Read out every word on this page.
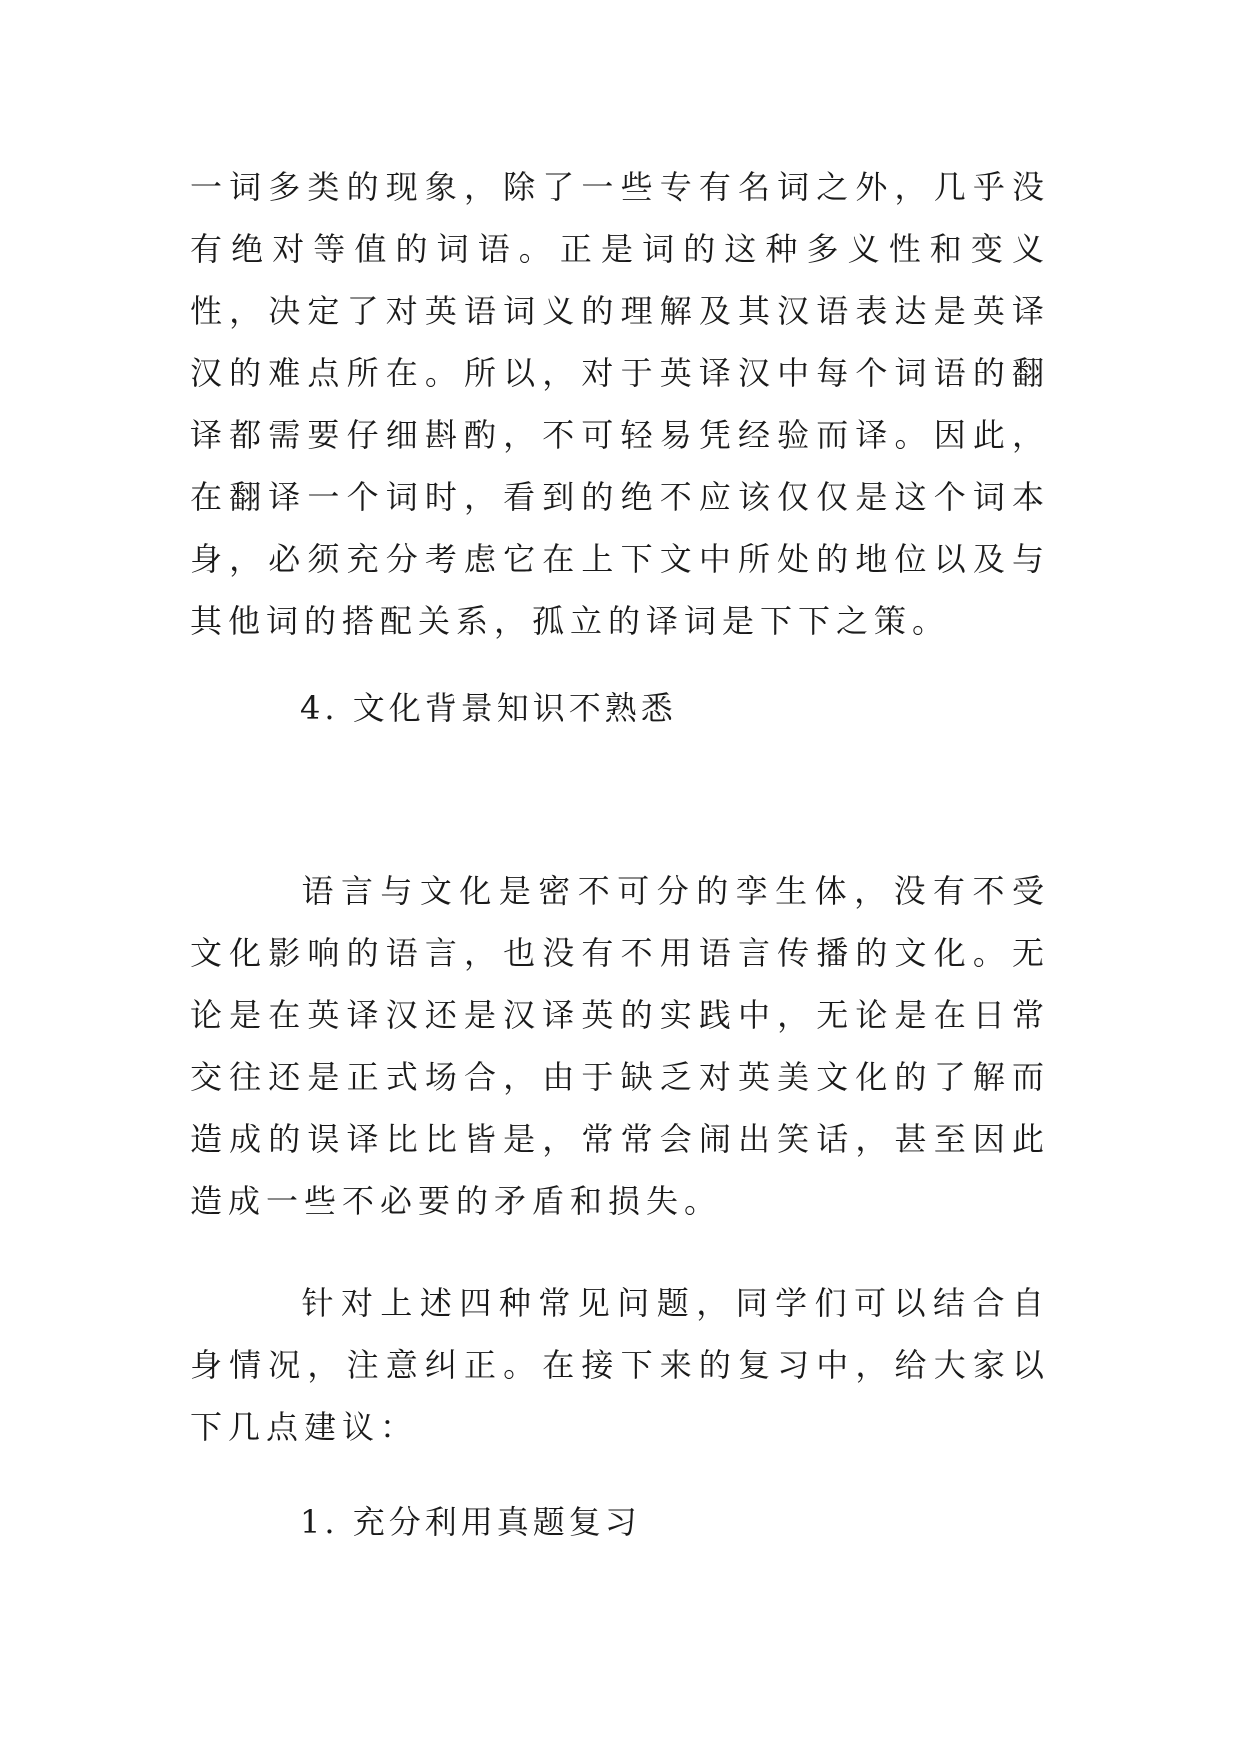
一词多类的现象，除了一些专有名词之外，几乎没有绝对等值的词语。正是词的这种多义性和变义性，决定了对英语词义的理解及其汉语表达是英译汉的难点所在。所以，对于英译汉中每个词语的翻译都需要仔细斟酌，不可轻易凭经验而译。因此，在翻译一个词时，看到的绝不应该仅仅是这个词本身，必须充分考虑它在上下文中所处的地位以及与其他词的搭配关系，孤立的译词是下下之策。

4. 文化背景知识不熟悉

语言与文化是密不可分的孪生体，没有不受文化影响的语言，也没有不用语言传播的文化。无论是在英译汉还是汉译英的实践中，无论是在日常交往还是正式场合，由于缺乏对英美文化的了解而造成的误译比比皆是，常常会闹出笑话，甚至因此造成一些不必要的矛盾和损失。

针对上述四种常见问题，同学们可以结合自身情况，注意纠正。在接下来的复习中，给大家以下几点建议：

1. 充分利用真题复习
